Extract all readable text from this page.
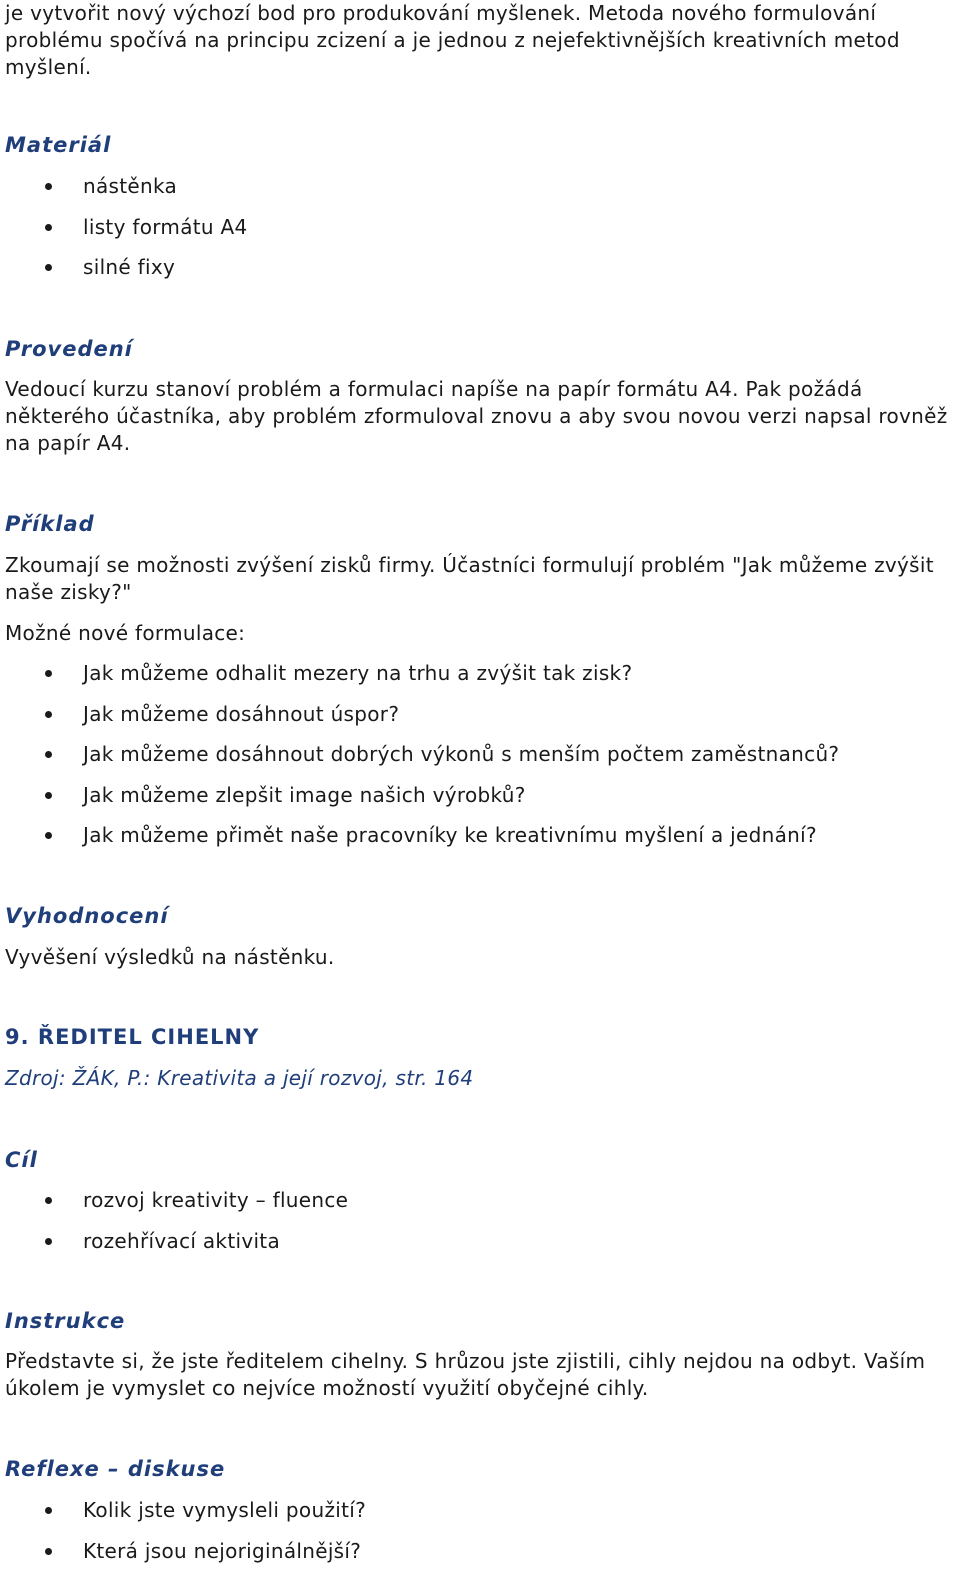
je vytvořit nový výchozí bod pro produkování myšlenek. Metoda nového formulování problému spočívá na principu zcizení a je jednou z nejefektivnějších kreativních metod myšlení.

Materiál
nástěnka
listy formátu A4
silné fixy
Provedení

Vedoucí kurzu stanoví problém a formulaci napíše na papír formátu A4. Pak požádá některého účastníka, aby problém zformuloval znovu a aby svou novou verzi napsal rovněž na papír A4.

Příklad

Zkoumají se možnosti zvýšení zisků firmy. Účastníci formulují problém "Jak můžeme zvýšit naše zisky?"

Možné nové formulace:

Jak můžeme odhalit mezery na trhu a zvýšit tak zisk?
Jak můžeme dosáhnout úspor?
Jak můžeme dosáhnout dobrých výkonů s menším počtem zaměstnanců?
Jak můžeme zlepšit image našich výrobků?
Jak můžeme přimět naše pracovníky ke kreativnímu myšlení a jednání?
Vyhodnocení

Vyvěšení výsledků na nástěnku.

9. ŘEDITEL CIHELNY

Zdroj: ŽÁK, P.: Kreativita a její rozvoj, str. 164

Cíl
rozvoj kreativity – fluence
rozehřívací aktivita
Instrukce

Představte si, že jste ředitelem cihelny. S hrůzou jste zjistili, cihly nejdou na odbyt. Vaším úkolem je vymyslet co nejvíce možností využití obyčejné cihly.

Reflexe – diskuse
Kolik jste vymysleli použití?
Která jsou nejoriginálnější?
